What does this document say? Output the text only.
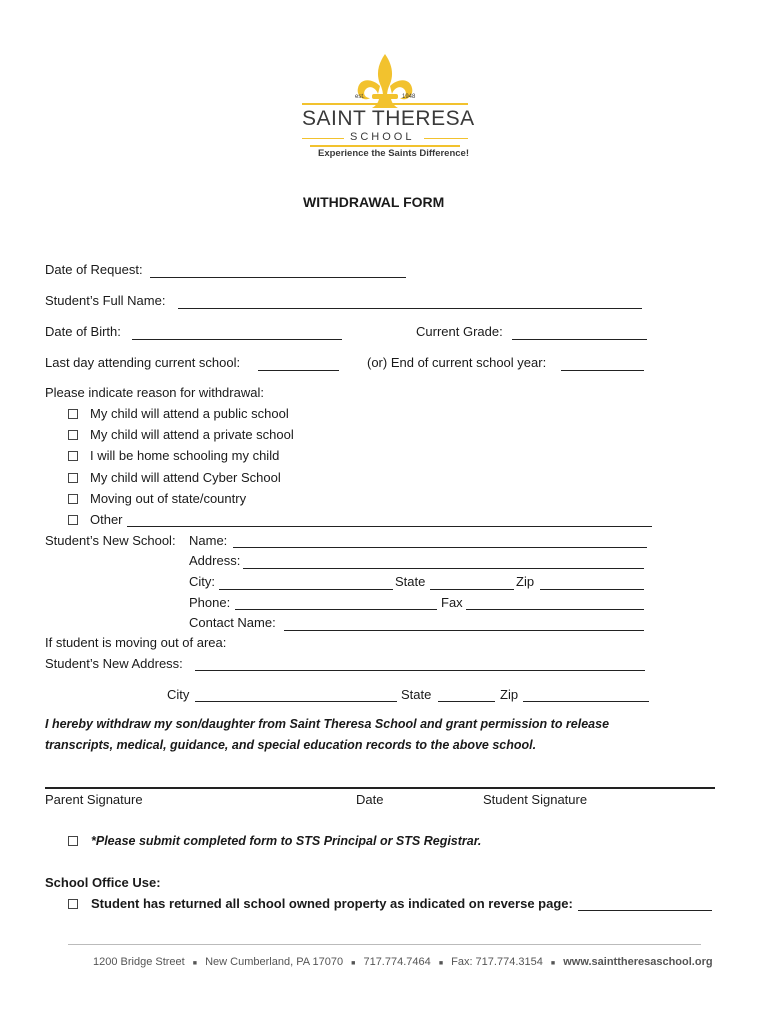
est.	1948
SAINT THERESA
SCHOOL
Experience the Saints Difference!
WITHDRAWAL FORM
Date of Request:
Student’s Full Name:
Date of Birth:	Current Grade:
Last day attending current school:	(or) End of current school year:
Please indicate reason for withdrawal:
My child will attend a public school
My child will attend a private school
I will be home schooling my child
My child will attend Cyber School
Moving out of state/country
Other
Student’s New School: Name:
Address:
City:	State	Zip
Phone:	Fax
Contact Name:
If student is moving out of area:
Student’s New Address:
City	State	Zip
I hereby withdraw my son/daughter from Saint Theresa School and grant permission to release
transcripts, medical, guidance, and special education records to the above school.
Parent Signature	Date	Student Signature
*Please submit completed form to STS Principal or STS Registrar.
School Office Use:
Student has returned all school owned property as indicated on reverse page:
1200 Bridge Street ■ New Cumberland, PA 17070 ■ 717.774.7464 ■ Fax: 717.774.3154 ■ www.sainttheresaschool.org
